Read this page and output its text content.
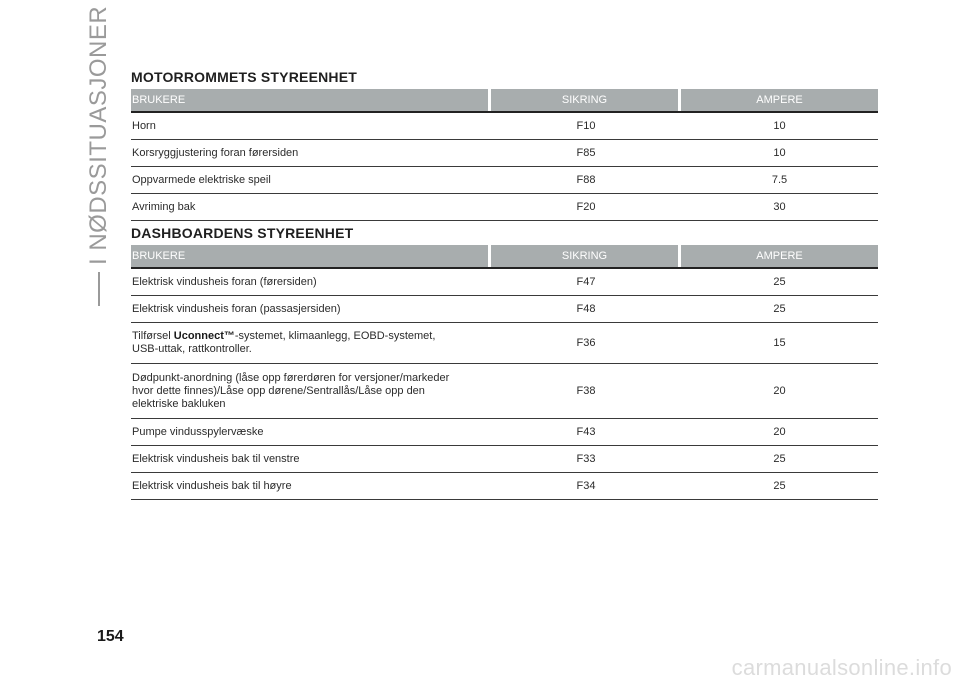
I NØDSSITUASJONER MOTORROMMETS STYREENHET
BRUKERE	SIKRING	AMPERE
Horn	F10	10
Korsryggjustering foran førersiden	F85	10
Oppvarmede elektriske speil	F88	7.5
Avriming bak	F20	30
DASHBOARDENS STYREENHET
BRUKERE	SIKRING	AMPERE
Elektrisk vindusheis foran (førersiden)	F47	25
Elektrisk vindusheis foran (passasjersiden)	F48	25
Tilførsel Uconnect™-systemet, klimaanlegg, EOBD-systemet,
USB-uttak, rattkontroller.
F36	15
Dødpunkt-anordning (låse opp førerdøren for versjoner/markeder
hvor dette finnes)/Låse opp dørene/Sentrallås/Låse opp den
elektriske bakluken
F38	20
Pumpe vindusspylervæske	F43	20
Elektrisk vindusheis bak til venstre	F33	25
Elektrisk vindusheis bak til høyre	F34	25
154
carmanualsonline.info
